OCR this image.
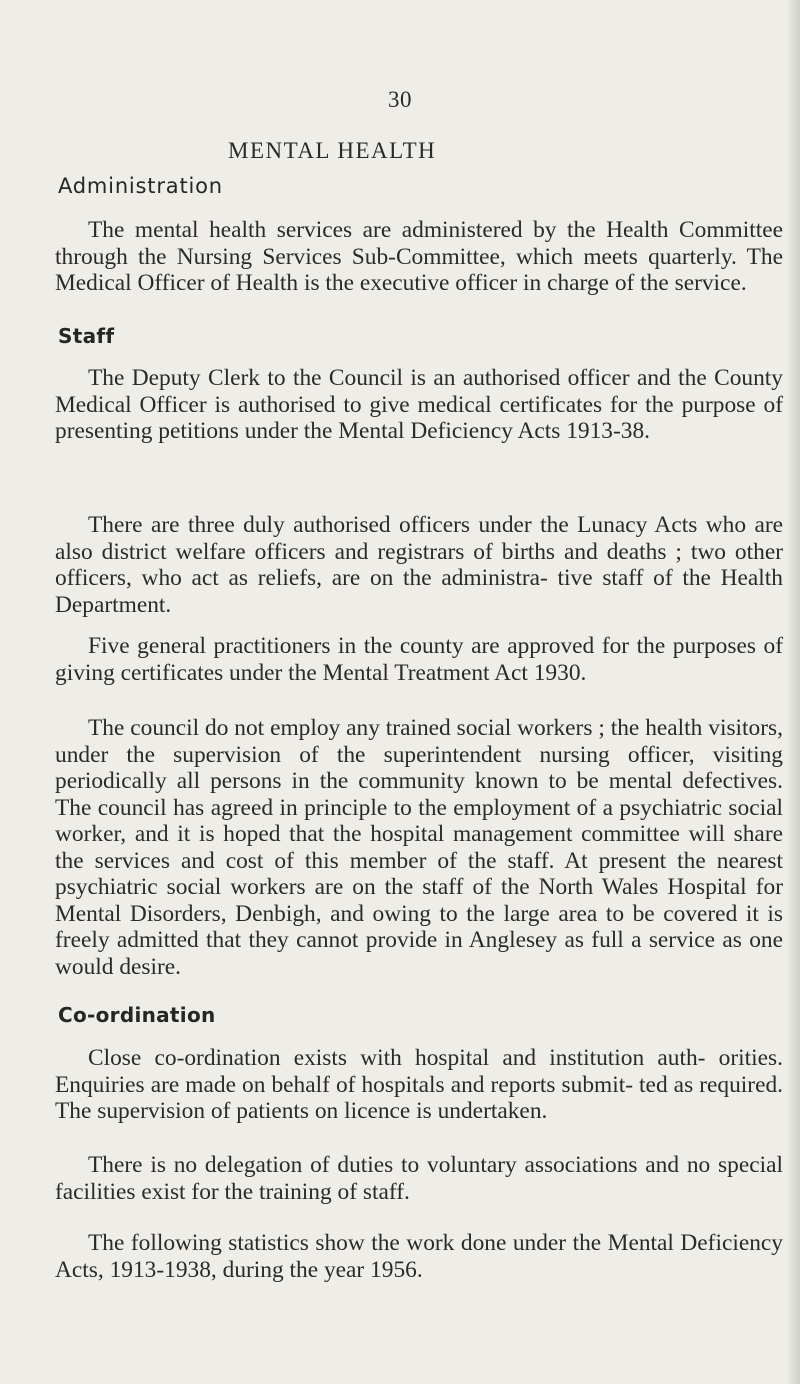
30
MENTAL HEALTH
Administration

The mental health services are administered by the Health Committee through the Nursing Services Sub-Committee, which meets quarterly. The Medical Officer of Health is the executive officer in charge of the service.

Staff

The Deputy Clerk to the Council is an authorised officer and the County Medical Officer is authorised to give medical certificates for the purpose of presenting petitions under the Mental Deficiency Acts 1913-38.

There are three duly authorised officers under the Lunacy Acts who are also district welfare officers and registrars of births and deaths ; two other officers, who act as reliefs, are on the administra- tive staff of the Health Department.

Five general practitioners in the county are approved for the purposes of giving certificates under the Mental Treatment Act 1930.

The council do not employ any trained social workers ; the health visitors, under the supervision of the superintendent nursing officer, visiting periodically all persons in the community known to be mental defectives. The council has agreed in principle to the employment of a psychiatric social worker, and it is hoped that the hospital management committee will share the services and cost of this member of the staff. At present the nearest psychiatric social workers are on the staff of the North Wales Hospital for Mental Disorders, Denbigh, and owing to the large area to be covered it is freely admitted that they cannot provide in Anglesey as full a service as one would desire.

Co-ordination

Close co-ordination exists with hospital and institution auth- orities. Enquiries are made on behalf of hospitals and reports submit- ted as required. The supervision of patients on licence is undertaken.

There is no delegation of duties to voluntary associations and no special facilities exist for the training of staff.

The following statistics show the work done under the Mental Deficiency Acts, 1913-1938, during the year 1956.
